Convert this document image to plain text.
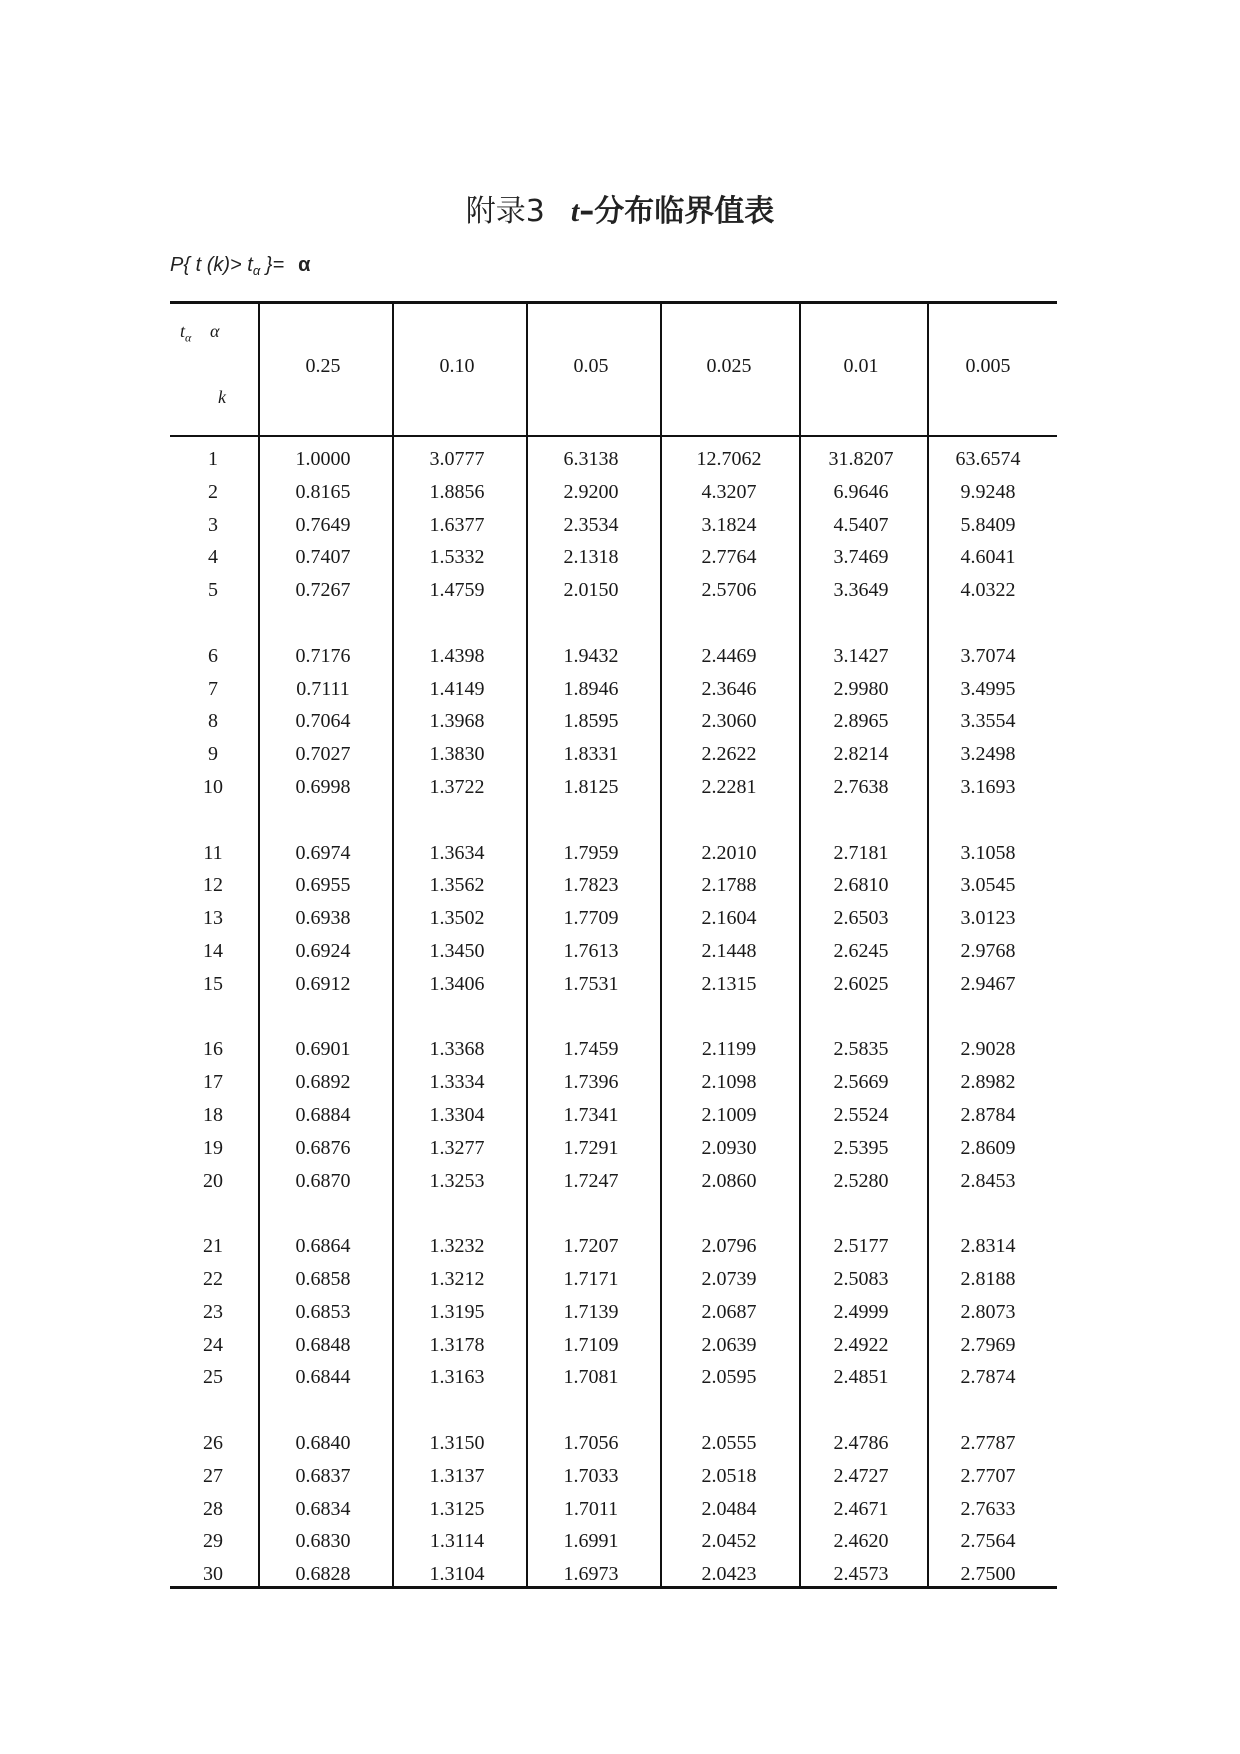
附录3 t–分布临界值表
P{ t $(k)> t_\alpha$ }= α
$t_\alpha$ α
k
0.25	0.10	0.05	0.025	0.01	0.005
1	1.0000	3.0777	6.3138	12.7062	31.8207	63.6574
2	0.8165	1.8856	2.9200	4.3207	6.9646	9.9248
3	0.7649	1.6377	2.3534	3.1824	4.5407	5.8409
4	0.7407	1.5332	2.1318	2.7764	3.7469	4.6041
5	0.7267	1.4759	2.0150	2.5706	3.3649	4.0322
6	0.7176	1.4398	1.9432	2.4469	3.1427	3.7074
7	0.7111	1.4149	1.8946	2.3646	2.9980	3.4995
8	0.7064	1.3968	1.8595	2.3060	2.8965	3.3554
9	0.7027	1.3830	1.8331	2.2622	2.8214	3.2498
10	0.6998	1.3722	1.8125	2.2281	2.7638	3.1693
11	0.6974	1.3634	1.7959	2.2010	2.7181	3.1058
12	0.6955	1.3562	1.7823	2.1788	2.6810	3.0545
13	0.6938	1.3502	1.7709	2.1604	2.6503	3.0123
14	0.6924	1.3450	1.7613	2.1448	2.6245	2.9768
15	0.6912	1.3406	1.7531	2.1315	2.6025	2.9467
16	0.6901	1.3368	1.7459	2.1199	2.5835	2.9028
17	0.6892	1.3334	1.7396	2.1098	2.5669	2.8982
18	0.6884	1.3304	1.7341	2.1009	2.5524	2.8784
19	0.6876	1.3277	1.7291	2.0930	2.5395	2.8609
20	0.6870	1.3253	1.7247	2.0860	2.5280	2.8453
21	0.6864	1.3232	1.7207	2.0796	2.5177	2.8314
22	0.6858	1.3212	1.7171	2.0739	2.5083	2.8188
23	0.6853	1.3195	1.7139	2.0687	2.4999	2.8073
24	0.6848	1.3178	1.7109	2.0639	2.4922	2.7969
25	0.6844	1.3163	1.7081	2.0595	2.4851	2.7874
26	0.6840	1.3150	1.7056	2.0555	2.4786	2.7787
27	0.6837	1.3137	1.7033	2.0518	2.4727	2.7707
28	0.6834	1.3125	1.7011	2.0484	2.4671	2.7633
29	0.6830	1.3114	1.6991	2.0452	2.4620	2.7564
30	0.6828	1.3104	1.6973	2.0423	2.4573	2.7500
